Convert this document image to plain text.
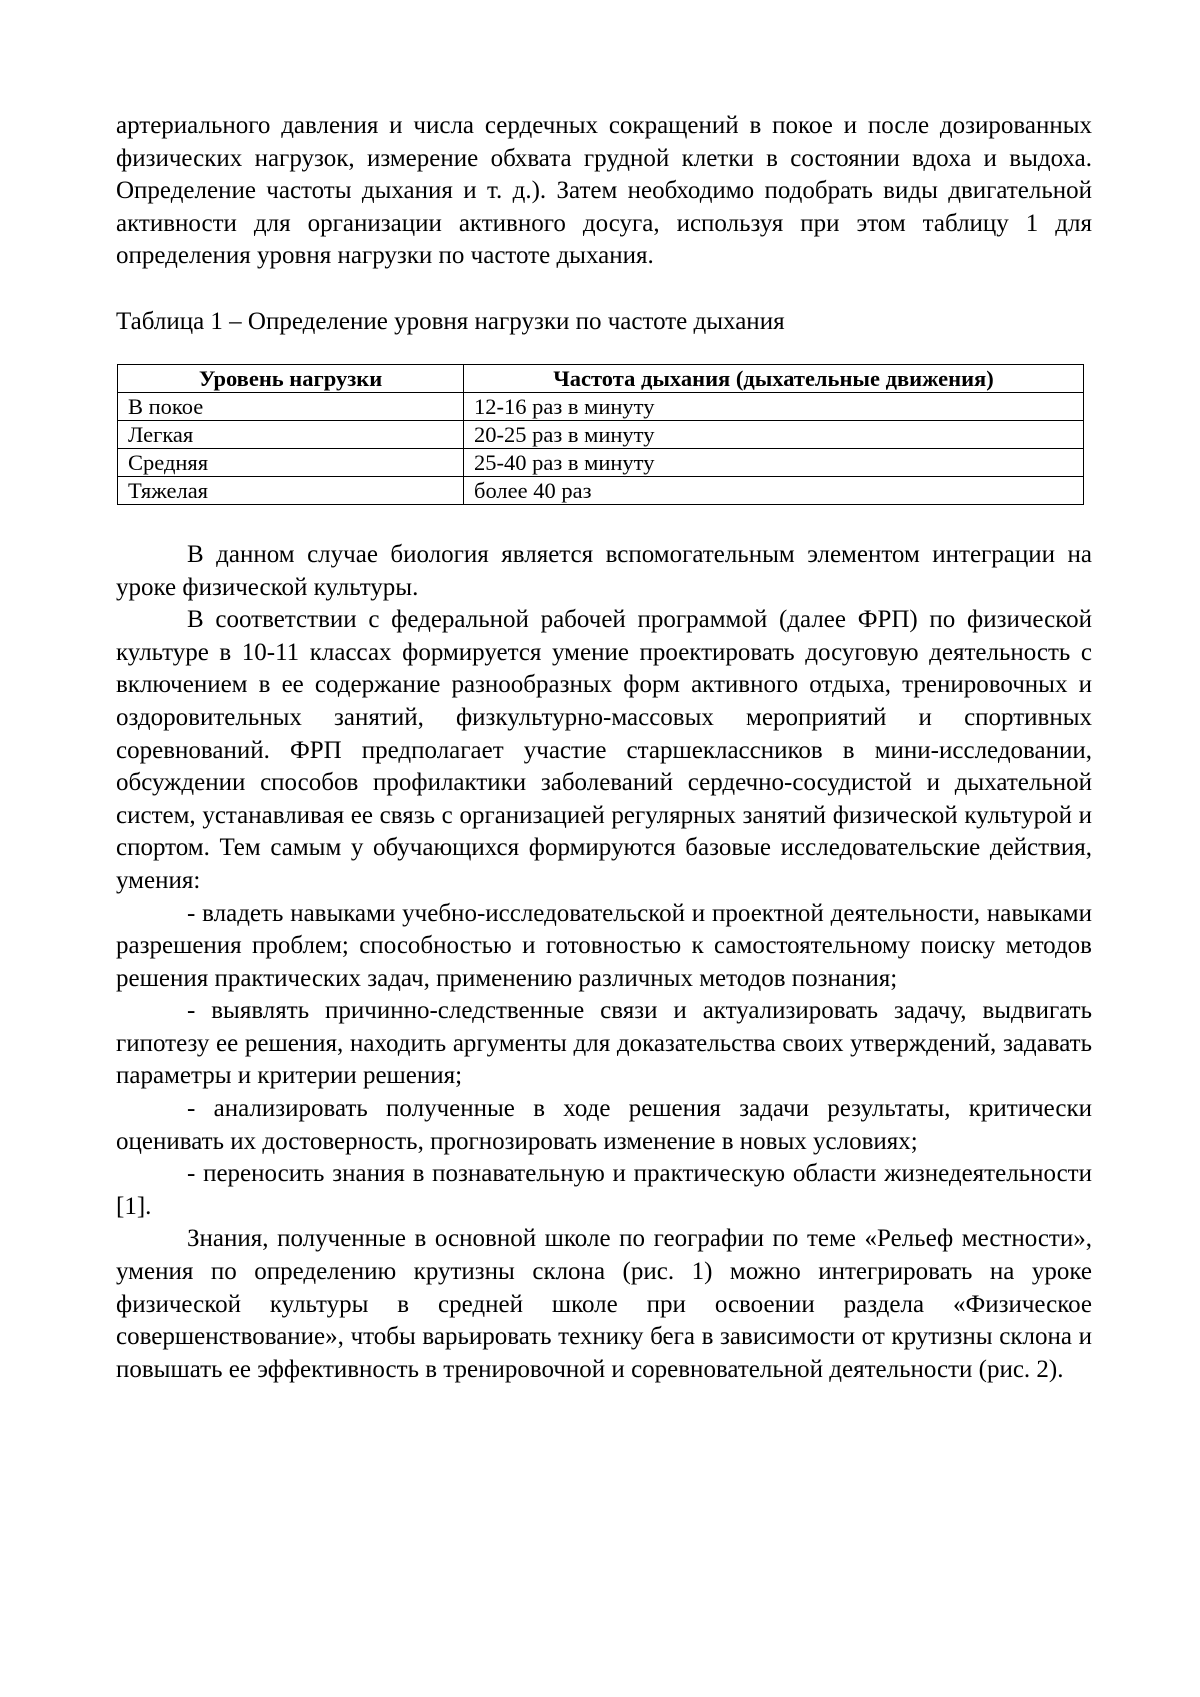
артериального давления и числа сердечных сокращений в покое и после дозированных физических нагрузок, измерение обхвата грудной клетки в состоянии вдоха и выдоха. Определение частоты дыхания и т. д.). Затем необходимо подобрать виды двигательной активности для организации активного досуга, используя при этом таблицу 1 для определения уровня нагрузки по частоте дыхания.

Таблица 1 – Определение уровня нагрузки по частоте дыхания

Уровень нагрузки	Частота дыхания (дыхательные движения)
В покое	12-16 раз в минуту
Легкая	20-25 раз в минуту
Средняя	25-40 раз в минуту
Тяжелая	более 40 раз

В данном случае биология является вспомогательным элементом интеграции на уроке физической культуры.

В соответствии с федеральной рабочей программой (далее ФРП) по физической культуре в 10-11 классах формируется умение проектировать досуговую деятельность с включением в ее содержание разнообразных форм активного отдыха, тренировочных и оздоровительных занятий, физкультурно-массовых мероприятий и спортивных соревнований. ФРП предполагает участие старшеклассников в мини-исследовании, обсуждении способов профилактики заболеваний сердечно-сосудистой и дыхательной систем, устанавливая ее связь с организацией регулярных занятий физической культурой и спортом. Тем самым у обучающихся формируются базовые исследовательские действия, умения:

- владеть навыками учебно-исследовательской и проектной деятельности, навыками разрешения проблем; способностью и готовностью к самостоятельному поиску методов решения практических задач, применению различных методов познания;

- выявлять причинно-следственные связи и актуализировать задачу, выдвигать гипотезу ее решения, находить аргументы для доказательства своих утверждений, задавать параметры и критерии решения;

- анализировать полученные в ходе решения задачи результаты, критически оценивать их достоверность, прогнозировать изменение в новых условиях;

- переносить знания в познавательную и практическую области жизнедеятельности [1].

Знания, полученные в основной школе по географии по теме «Рельеф местности», умения по определению крутизны склона (рис. 1) можно интегрировать на уроке физической культуры в средней школе при освоении раздела «Физическое совершенствование», чтобы варьировать технику бега в зависимости от крутизны склона и повышать ее эффективность в тренировочной и соревновательной деятельности (рис. 2).
